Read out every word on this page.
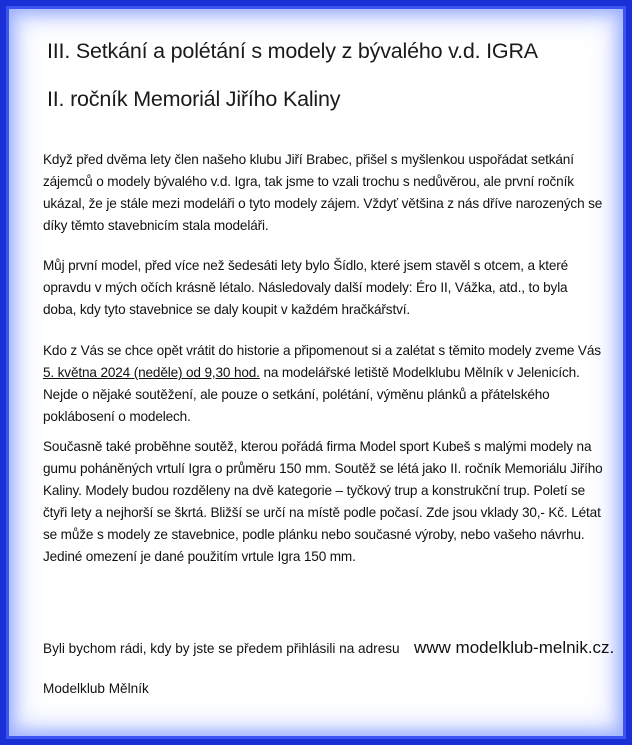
III. Setkání a polétání s modely z bývalého v.d. IGRA
II. ročník Memoriál Jiřího Kaliny
Když před dvěma lety člen našeho klubu Jiří Brabec, přišel s myšlenkou uspořádat setkání zájemců o modely bývalého v.d. Igra, tak jsme to vzali trochu s nedůvěrou, ale první ročník ukázal, že je stále mezi modeláři o tyto modely zájem. Vždyť většina z nás dříve narozených se díky těmto stavebnicím stala modeláři.
Můj první model, před více než šedesáti lety bylo Šídlo, které jsem stavěl s otcem, a které opravdu v mých očích krásně létalo. Následovaly další modely: Éro II, Vážka, atd., to byla doba, kdy tyto stavebnice se daly koupit v každém hračkářství.
Kdo z Vás se chce opět vrátit do historie a připomenout si a zalétat s těmito modely zveme Vás 5. května 2024 (neděle) od 9,30 hod. na modelářské letiště Modelklubu Mělník v Jelenicích. Nejde o nějaké soutěžení, ale pouze o setkání, polétání, výměnu plánků a přátelského poklábosení o modelech.
Současně také proběhne soutěž, kterou pořádá firma Model sport Kubeš s malými modely na gumu poháněných vrtulí Igra o průměru 150 mm. Soutěž se létá jako II. ročník Memoriálu Jiřího Kaliny. Modely budou rozděleny na dvě kategorie – tyčkový trup a konstrukční trup. Poletí se čtyři lety a nejhorší se škrtá. Bližší se určí na místě podle počasí. Zde jsou vklady 30,- Kč. Létat se může s modely ze stavebnice, podle plánku nebo současné výroby, nebo vašeho návrhu. Jediné omezení je dané použitím vrtule Igra 150 mm.
Byli bychom rádi, kdy by jste se předem přihlásili na adresu www modelklub-melnik.cz.
Modelklub Mělník
